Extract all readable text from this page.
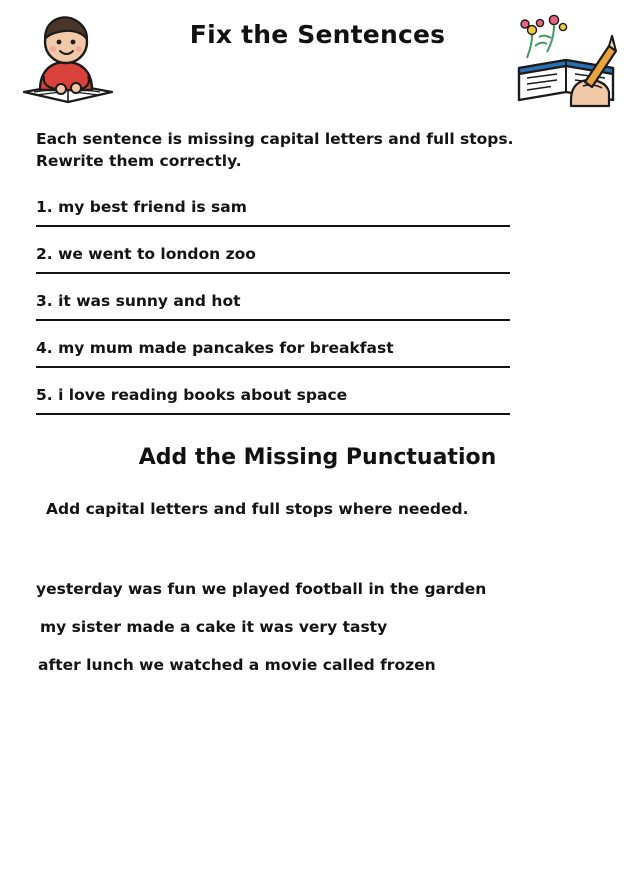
Fix the Sentences
Each sentence is missing capital letters and full stops. Rewrite them correctly.
1. my best friend is sam
2. we went to london zoo
3. it was sunny and hot
4. my mum made pancakes for breakfast
5. i love reading books about space
Add the Missing Punctuation
Add capital letters and full stops where needed.
yesterday was fun we played football in the garden
my sister made a cake it was very tasty
after lunch we watched a movie called frozen
